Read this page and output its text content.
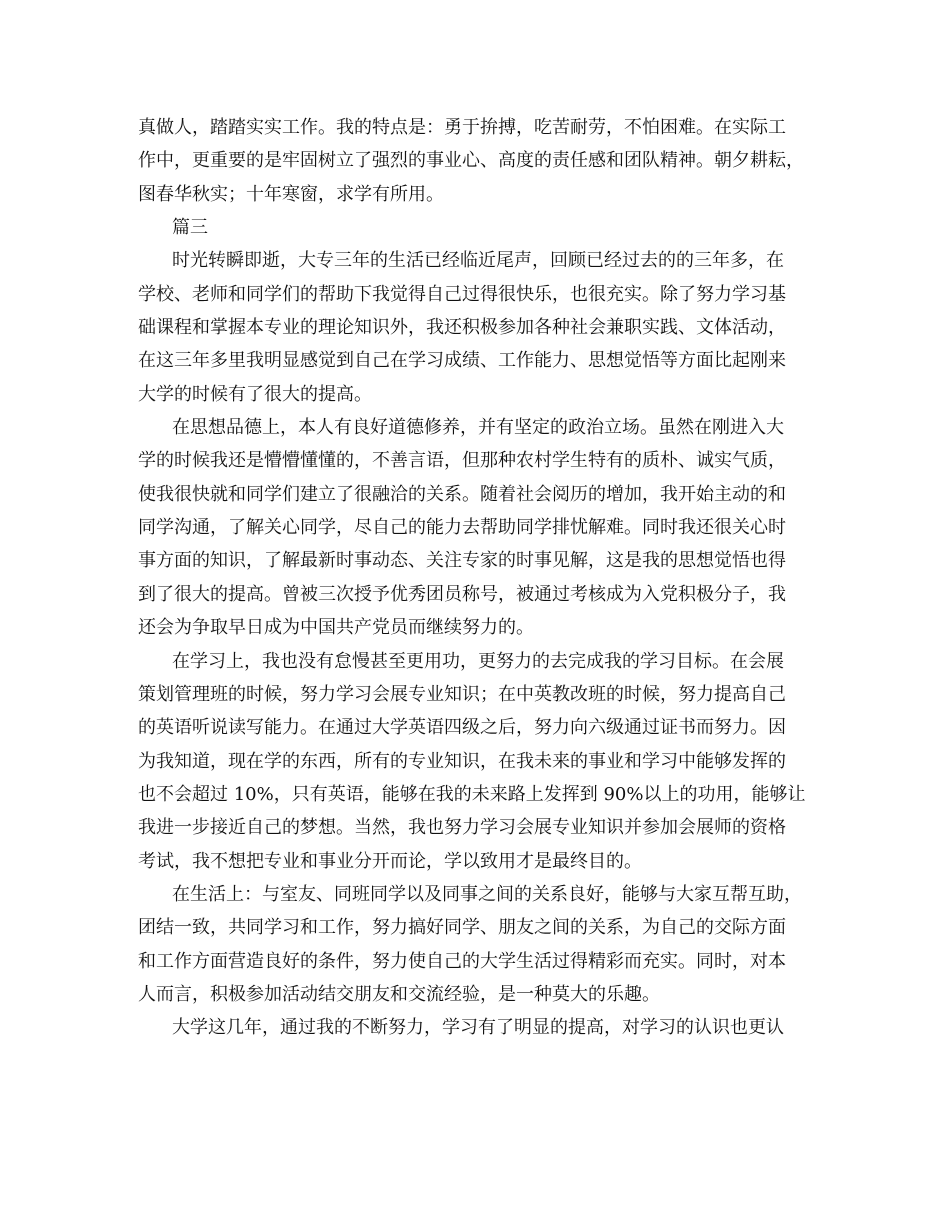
真做人，踏踏实实工作。我的特点是：勇于拚搏，吃苦耐劳，不怕困难。在实际工
作中，更重要的是牢固树立了强烈的事业心、高度的责任感和团队精神。朝夕耕耘，
图春华秋实；十年寒窗，求学有所用。
篇三
时光转瞬即逝，大专三年的生活已经临近尾声，回顾已经过去的的三年多，在
学校、老师和同学们的帮助下我觉得自己过得很快乐，也很充实。除了努力学习基
础课程和掌握本专业的理论知识外，我还积极参加各种社会兼职实践、文体活动，
在这三年多里我明显感觉到自己在学习成绩、工作能力、思想觉悟等方面比起刚来
大学的时候有了很大的提高。
在思想品德上，本人有良好道德修养，并有坚定的政治立场。虽然在刚进入大
学的时候我还是懵懵懂懂的，不善言语，但那种农村学生特有的质朴、诚实气质，
使我很快就和同学们建立了很融洽的关系。随着社会阅历的增加，我开始主动的和
同学沟通，了解关心同学，尽自己的能力去帮助同学排忧解难。同时我还很关心时
事方面的知识，了解最新时事动态、关注专家的时事见解，这是我的思想觉悟也得
到了很大的提高。曾被三次授予优秀团员称号，被通过考核成为入党积极分子，我
还会为争取早日成为中国共产党员而继续努力的。
在学习上，我也没有怠慢甚至更用功，更努力的去完成我的学习目标。在会展
策划管理班的时候，努力学习会展专业知识；在中英教改班的时候，努力提高自己
的英语听说读写能力。在通过大学英语四级之后，努力向六级通过证书而努力。因
为我知道，现在学的东西，所有的专业知识，在我未来的事业和学习中能够发挥的
也不会超过 10%，只有英语，能够在我的未来路上发挥到 90%以上的功用，能够让
我进一步接近自己的梦想。当然，我也努力学习会展专业知识并参加会展师的资格
考试，我不想把专业和事业分开而论，学以致用才是最终目的。
在生活上：与室友、同班同学以及同事之间的关系良好，能够与大家互帮互助，
团结一致，共同学习和工作，努力搞好同学、朋友之间的关系，为自己的交际方面
和工作方面营造良好的条件，努力使自己的大学生活过得精彩而充实。同时，对本
人而言，积极参加活动结交朋友和交流经验，是一种莫大的乐趣。
大学这几年，通过我的不断努力，学习有了明显的提高，对学习的认识也更认
